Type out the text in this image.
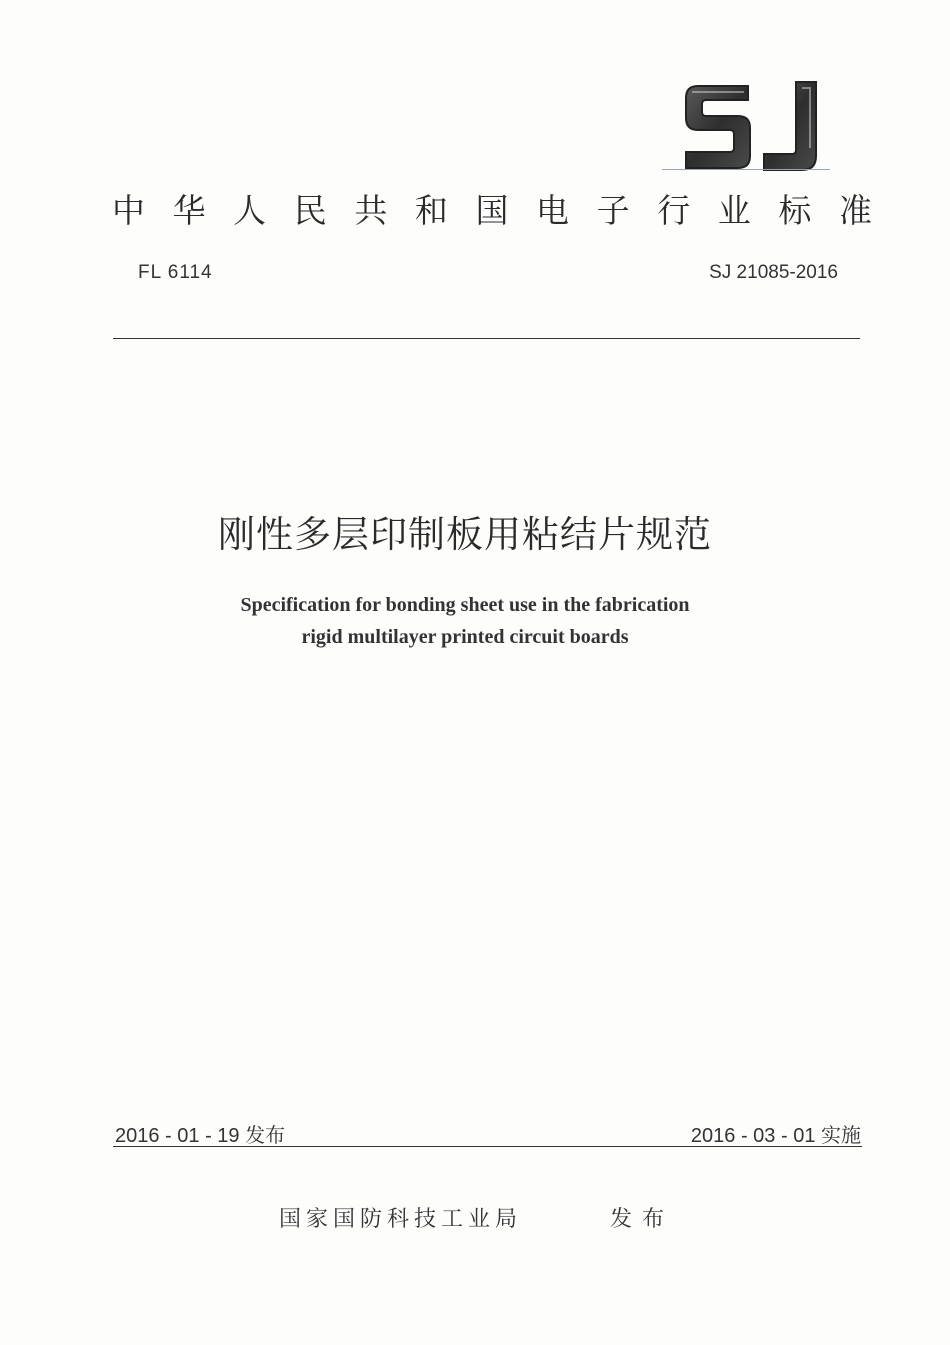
中 华 人 民 共 和 国 电 子 行 业 标 准
FL 6114	SJ 21085-2016
刚性多层印制板用粘结片规范
Specification for bonding sheet use in the fabrication
rigid multilayer printed circuit boards
2016 - 01 - 19 发布	2016 - 03 - 01 实施
国家国防科技工业局	发布
